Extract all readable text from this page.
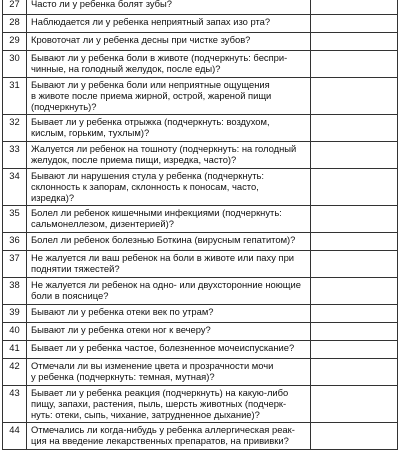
27	Часто ли у ребенка болят зубы?	
28	Наблюдается ли у ребенка неприятный запах изо рта?	
29	Кровоточат ли у ребенка десны при чистке зубов?	
30	Бывают ли у ребенка боли в животе (подчеркнуть: беспри-
чинные, на голодный желудок, после еды)?	
31	Бывают ли у ребенка боли или неприятные ощущения
в животе после приема жирной, острой, жареной пищи
(подчеркнуть)?	
32	Бывает ли у ребенка отрыжка (подчеркнуть: воздухом,
кислым, горьким, тухлым)?	
33	Жалуется ли ребенок на тошноту (подчеркнуть: на голодный
желудок, после приема пищи, изредка, часто)?	
34	Бывают ли нарушения стула у ребенка (подчеркнуть:
склонность к запорам, склонность к поносам, часто,
изредка)?	
35	Болел ли ребенок кишечными инфекциями (подчеркнуть:
сальмонеллезом, дизентерией)?	
36	Болел ли ребенок болезнью Боткина (вирусным гепатитом)?	
37	Не жалуется ли ваш ребенок на боли в животе или паху при
поднятии тяжестей?	
38	Не жалуется ли ребенок на одно- или двухсторонние ноющие
боли в пояснице?	
39	Бывают ли у ребенка отеки век по утрам?	
40	Бывают ли у ребенка отеки ног к вечеру?	
41	Бывает ли у ребенка частое, болезненное мочеиспускание?	
42	Отмечали ли вы изменение цвета и прозрачности мочи
у ребенка (подчеркнуть: темная, мутная)?	
43	Бывает ли у ребенка реакция (подчеркнуть) на какую-либо
пищу, запахи, растения, пыль, шерсть животных (подчерк-
нуть: отеки, сыпь, чихание, затрудненное дыхание)?	
44	Отмечались ли когда-нибудь у ребенка аллергическая реак-
ция на введение лекарственных препаратов, на прививки?	
